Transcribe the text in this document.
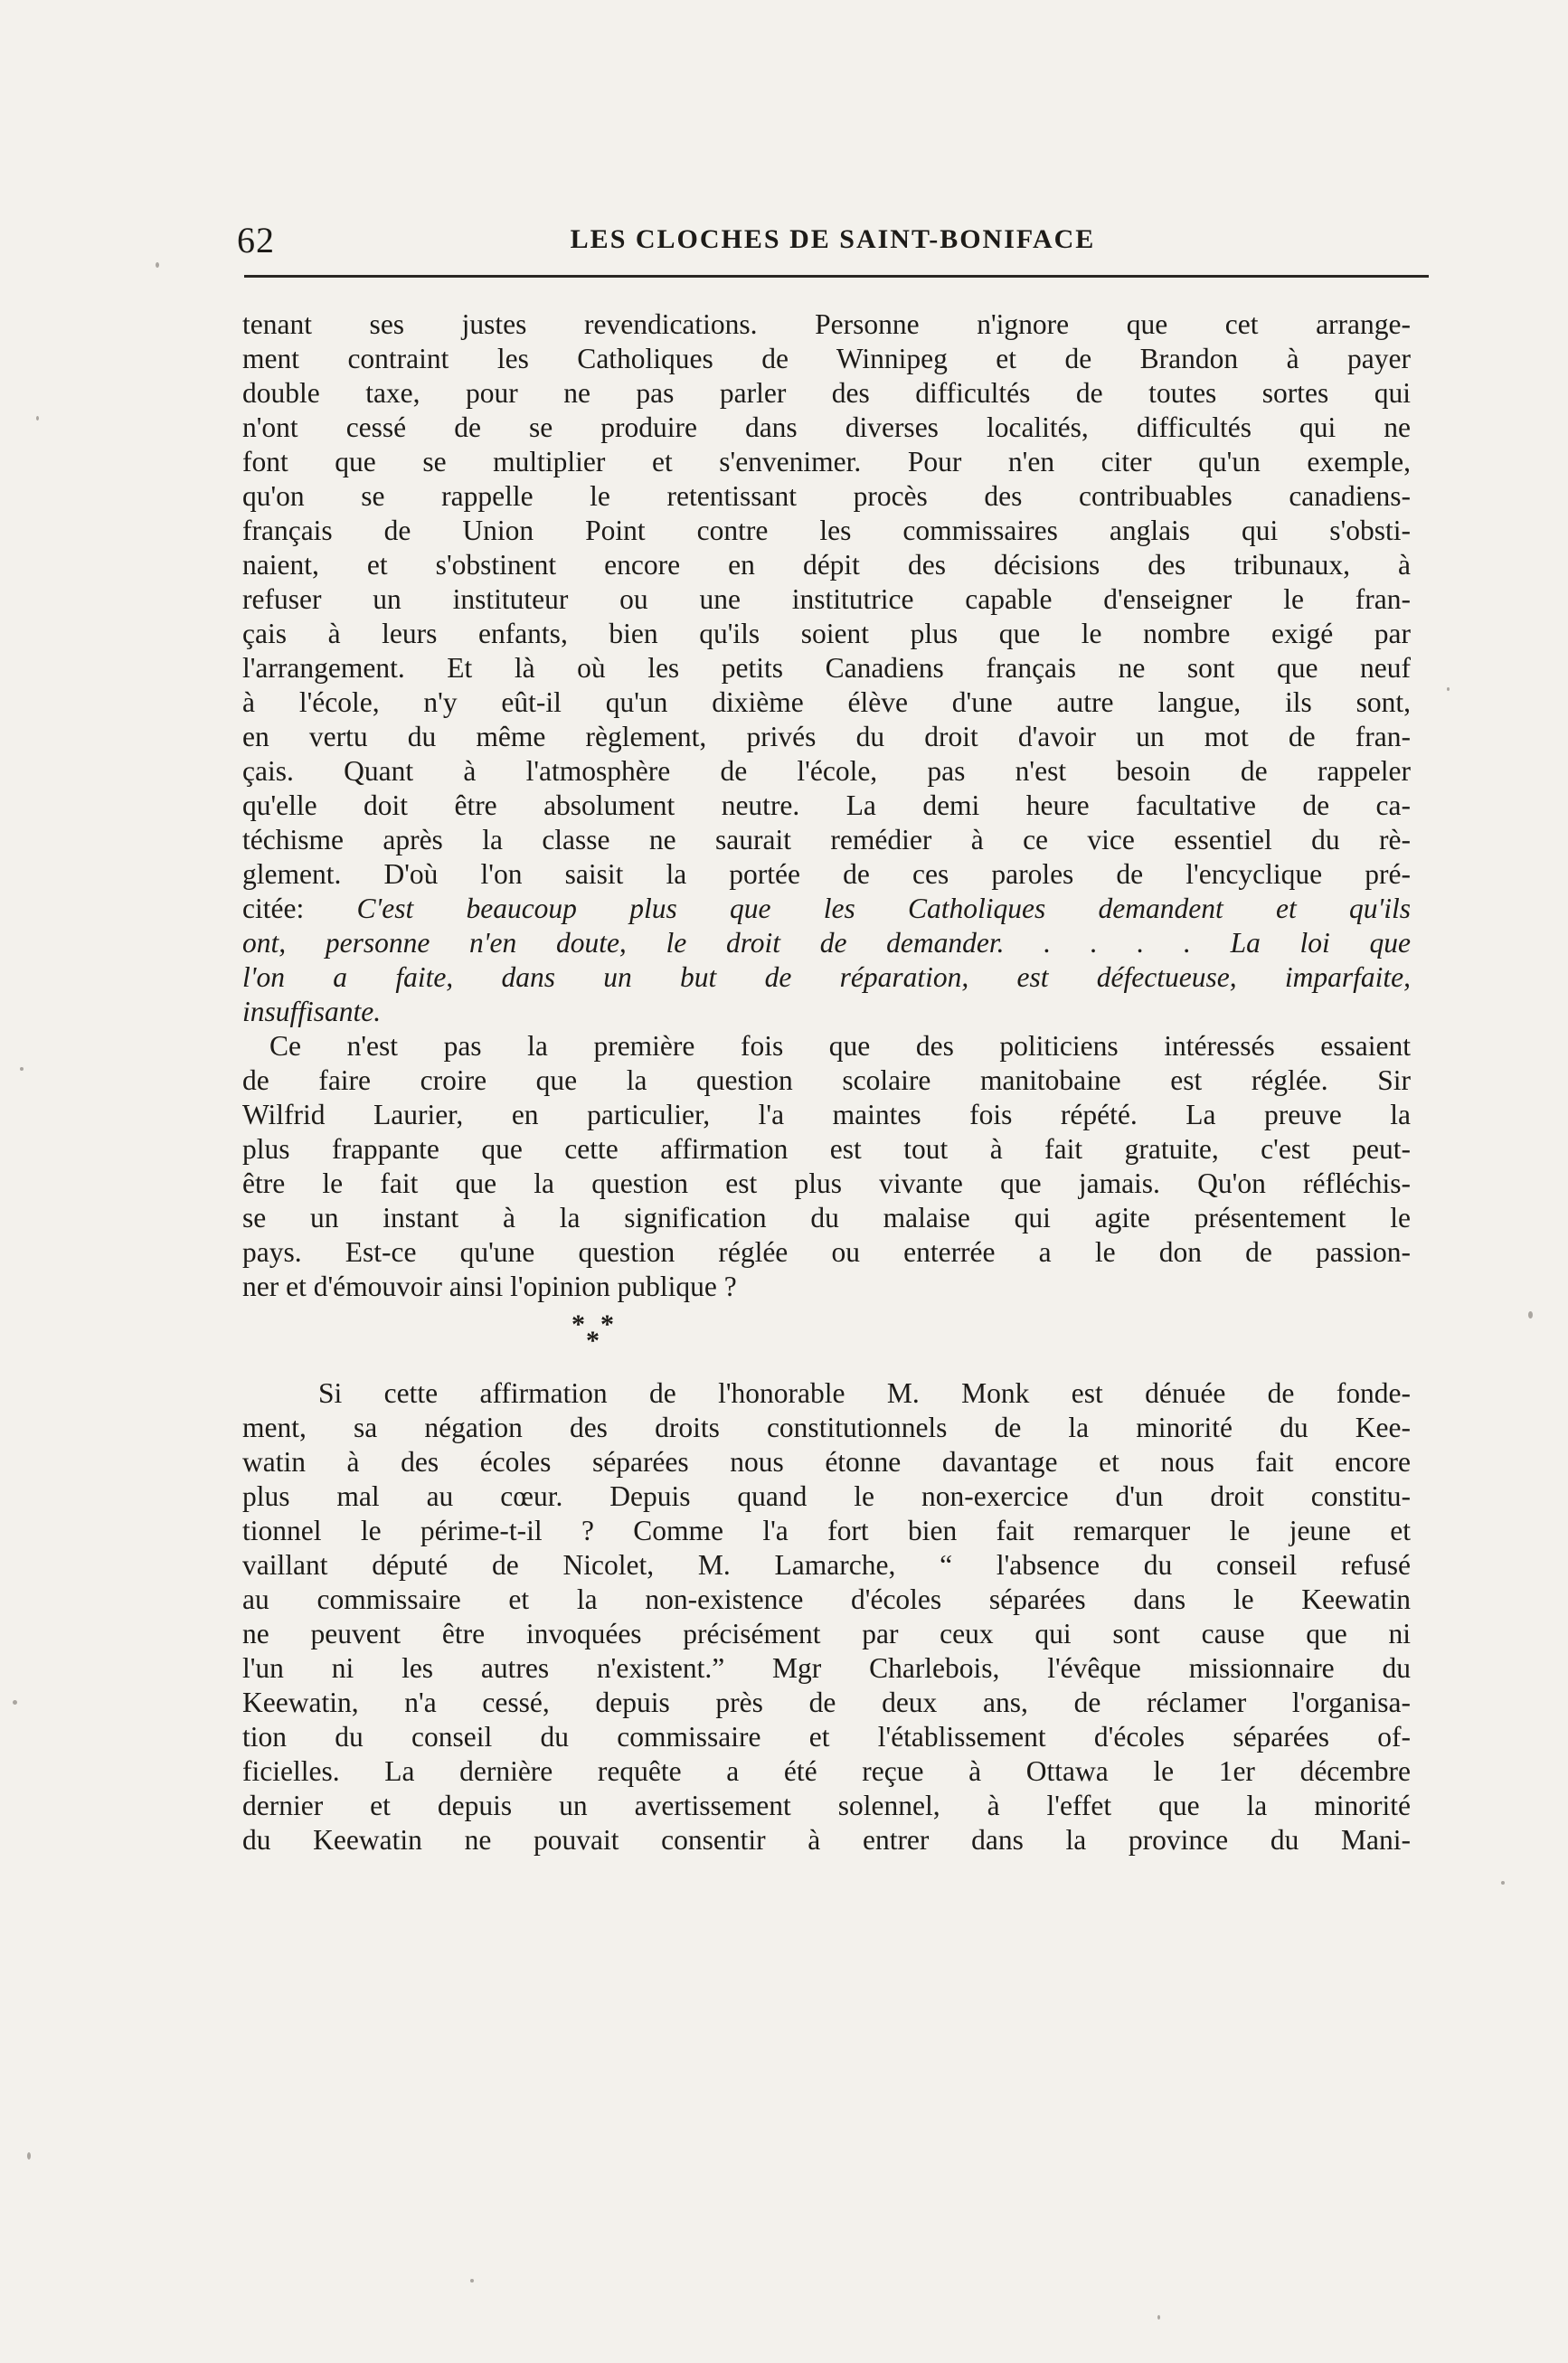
62	LES CLOCHES DE SAINT-BONIFACE
tenant ses justes revendications. Personne n'ignore que cet arrange-
ment contraint les Catholiques de Winnipeg et de Brandon à payer
double taxe, pour ne pas parler des difficultés de toutes sortes qui
n'ont cessé de se produire dans diverses localités, difficultés qui ne
font que se multiplier et s'envenimer. Pour n'en citer qu'un exemple,
qu'on se rappelle le retentissant procès des contribuables canadiens-
français de Union Point contre les commissaires anglais qui s'obsti-
naient, et s'obstinent encore en dépit des décisions des tribunaux, à
refuser un instituteur ou une institutrice capable d'enseigner le fran-
çais à leurs enfants, bien qu'ils soient plus que le nombre exigé par
l'arrangement. Et là où les petits Canadiens français ne sont que neuf
à l'école, n'y eût-il qu'un dixième élève d'une autre langue, ils sont,
en vertu du même règlement, privés du droit d'avoir un mot de fran-
çais. Quant à l'atmosphère de l'école, pas n'est besoin de rappeler
qu'elle doit être absolument neutre. La demi heure facultative de ca-
téchisme après la classe ne saurait remédier à ce vice essentiel du rè-
glement. D'où l'on saisit la portée de ces paroles de l'encyclique pré-
citée: C'est beaucoup plus que les Catholiques demandent et qu'ils
ont, personne n'en doute, le droit de demander. . . . . La loi que
l'on a faite, dans un but de réparation, est défectueuse, imparfaite,
insuffisante.
Ce n'est pas la première fois que des politiciens intéressés essaient
de faire croire que la question scolaire manitobaine est réglée. Sir
Wilfrid Laurier, en particulier, l'a maintes fois répété. La preuve la
plus frappante que cette affirmation est tout à fait gratuite, c'est peut-
être le fait que la question est plus vivante que jamais. Qu'on réfléchis-
se un instant à la signification du malaise qui agite présentement le
pays. Est-ce qu'une question réglée ou enterrée a le don de passion-
ner et d'émouvoir ainsi l'opinion publique ?
* *
*
Si cette affirmation de l'honorable M. Monk est dénuée de fonde-
ment, sa négation des droits constitutionnels de la minorité du Kee-
watin à des écoles séparées nous étonne davantage et nous fait encore
plus mal au cœur. Depuis quand le non-exercice d'un droit constitu-
tionnel le périme-t-il ? Comme l'a fort bien fait remarquer le jeune et
vaillant député de Nicolet, M. Lamarche, “ l'absence du conseil refusé
au commissaire et la non-existence d'écoles séparées dans le Keewatin
ne peuvent être invoquées précisément par ceux qui sont cause que ni
l'un ni les autres n'existent.” Mgr Charlebois, l'évêque missionnaire du
Keewatin, n'a cessé, depuis près de deux ans, de réclamer l'organisa-
tion du conseil du commissaire et l'établissement d'écoles séparées of-
ficielles. La dernière requête a été reçue à Ottawa le 1er décembre
dernier et depuis un avertissement solennel, à l'effet que la minorité
du Keewatin ne pouvait consentir à entrer dans la province du Mani-
